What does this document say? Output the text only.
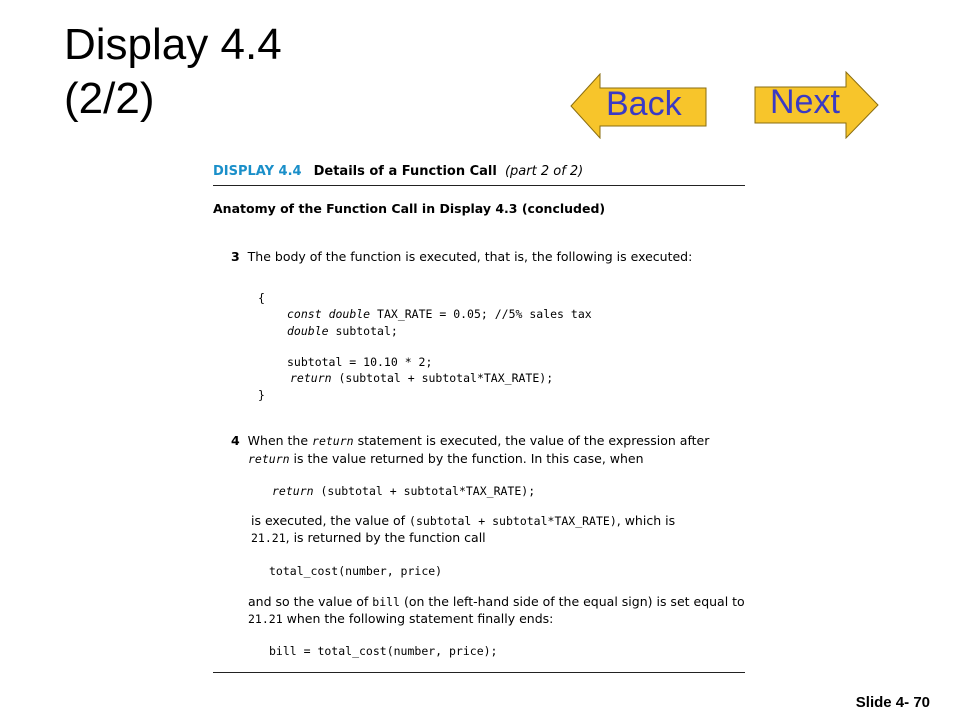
Display 4.4
(2/2)	Back	Next
DISPLAY 4.4 Details of a Function Call (part 2 of 2)
Anatomy of the Function Call in Display 4.3 (concluded)
3 The body of the function is executed, that is, the following is executed:
{
const double TAX_RATE = 0.05; //5% sales tax
double subtotal;
subtotal = 10.10 * 2;
return (subtotal + subtotal*TAX_RATE);
}
4 When the return statement is executed, the value of the expression after
return is the value returned by the function. In this case, when
return (subtotal + subtotal*TAX_RATE);
is executed, the value of (subtotal + subtotal*TAX_RATE), which is
21.21, is returned by the function call
total_cost(number, price)
and so the value of bill (on the left-hand side of the equal sign) is set equal to
21.21 when the following statement finally ends:
bill = total_cost(number, price);
Slide 4- 70
